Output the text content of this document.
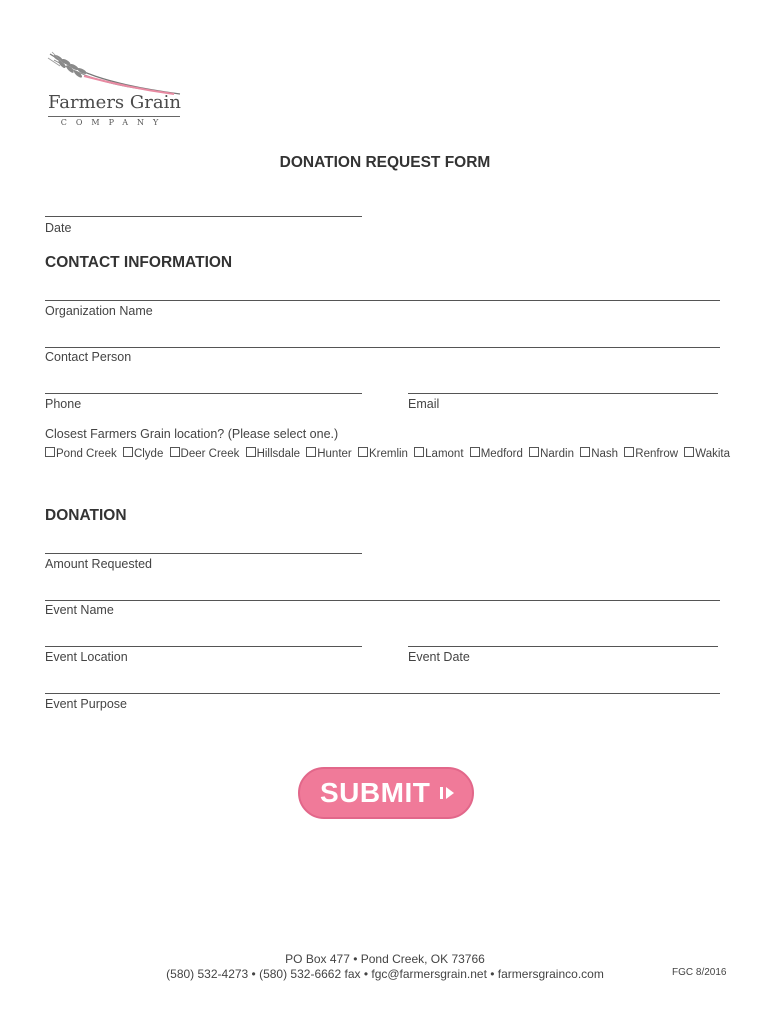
Farmers Grain
COMPANY
DONATION REQUEST FORM
Date
CONTACT INFORMATION
Organization Name
Contact Person
Phone	Email
Closest Farmers Grain location? (Please select one.)
Pond Creek Clyde Deer Creek Hillsdale Hunter Kremlin Lamont Medford Nardin Nash Renfrow Wakita
DONATION
Amount Requested
Event Name
Event Location	Event Date
Event Purpose
SUBMIT
PO Box 477 • Pond Creek, OK 73766
(580) 532-4273 • (580) 532-6662 fax • fgc@farmersgrain.net • farmersgrainco.com	FGC 8/2016
